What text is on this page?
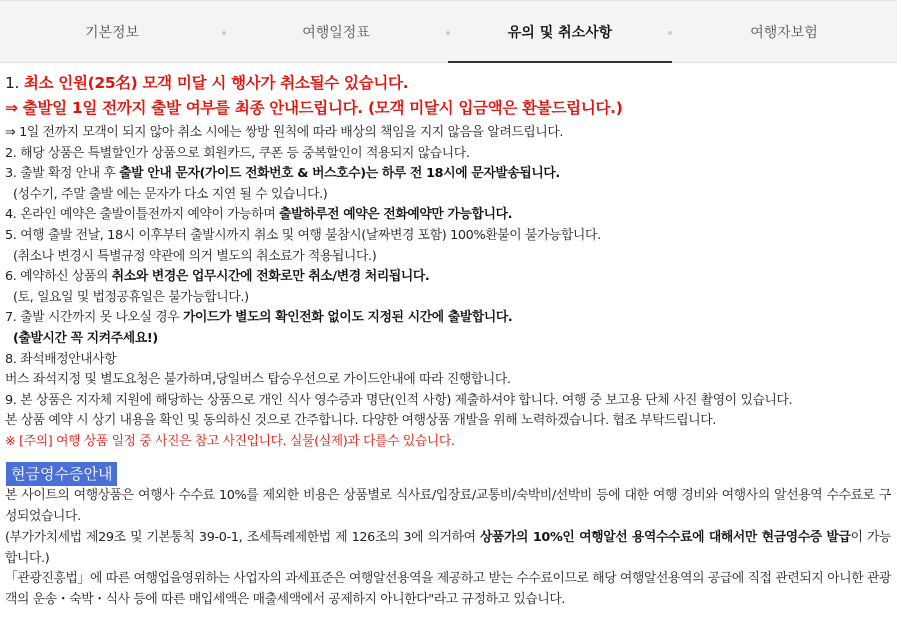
기본정보	여행일정표	유의 및 취소사항	여행자보험
1. 최소 인원(25名) 모객 미달 시 행사가 취소될수 있습니다.
⇒ 출발일 1일 전까지 출발 여부를 최종 안내드립니다. (모객 미달시 입금액은 환불드립니다.)
⇒ 1일 전까지 모객이 되지 않아 취소 시에는 쌍방 원칙에 따라 배상의 책임을 지지 않음을 알려드립니다.
2. 해당 상품은 특별할인가 상품으로 회원카드, 쿠폰 등 중복할인이 적용되지 않습니다.
3. 출발 확정 안내 후 출발 안내 문자(가이드 전화번호 & 버스호수)는 하루 전 18시에 문자발송됩니다.
(성수기, 주말 출발 에는 문자가 다소 지연 될 수 있습니다.)
4. 온라인 예약은 출발이틀전까지 예약이 가능하며 출발하루전 예약은 전화예약만 가능합니다.
5. 여행 출발 전날, 18시 이후부터 출발시까지 취소 및 여행 불참시(날짜변경 포함) 100%환불이 불가능합니다.
(취소나 변경시 특별규정 약관에 의거 별도의 취소료가 적용됩니다.)
6. 예약하신 상품의 취소와 변경은 업무시간에 전화로만 취소/변경 처리됩니다.
(토, 일요일 및 법정공휴일은 불가능합니다.)
7. 출발 시간까지 못 나오실 경우 가이드가 별도의 확인전화 없이도 지정된 시간에 출발합니다.
(출발시간 꼭 지켜주세요!)
8. 좌석배정안내사항
버스 좌석지정 및 별도요청은 불가하며,당일버스 탑승우선으로 가이드안내에 따라 진행합니다.
9. 본 상품은 지자체 지원에 해당하는 상품으로 개인 식사 영수증과 명단(인적 사항) 제출하셔야 합니다. 여행 중 보고용 단체 사진 촬영이 있습니다.
본 상품 예약 시 상기 내용을 확인 및 동의하신 것으로 간주합니다. 다양한 여행상품 개발을 위해 노력하겠습니다. 협조 부탁드립니다.
※ [주의] 여행 상품 일정 중 사진은 참고 사진입니다. 실물(실제)과 다를수 있습니다.
현금영수증안내
본 사이트의 여행상품은 여행사 수수료 10%를 제외한 비용은 상품별로 식사료/입장료/교통비/숙박비/선박비 등에 대한 여행 경비와 여행사의 알선용역 수수료로 구성되었습니다.
(부가가치세법 제29조 및 기본통칙 39-0-1, 조세특례제한법 제 126조의 3에 의거하여 상품가의 10%인 여행알선 용역수수료에 대해서만 현금영수증 발급이 가능합니다.)
「관광진흥법」에 따른 여행업을영위하는 사업자의 과세표준은 여행알선용역을 제공하고 받는 수수료이므로 해당 여행알선용역의 공급에 직접 관련되지 아니한 관광객의 운송・숙박・식사 등에 따른 매입세액은 매출세액에서 공제하지 아니한다"라고 규정하고 있습니다.
